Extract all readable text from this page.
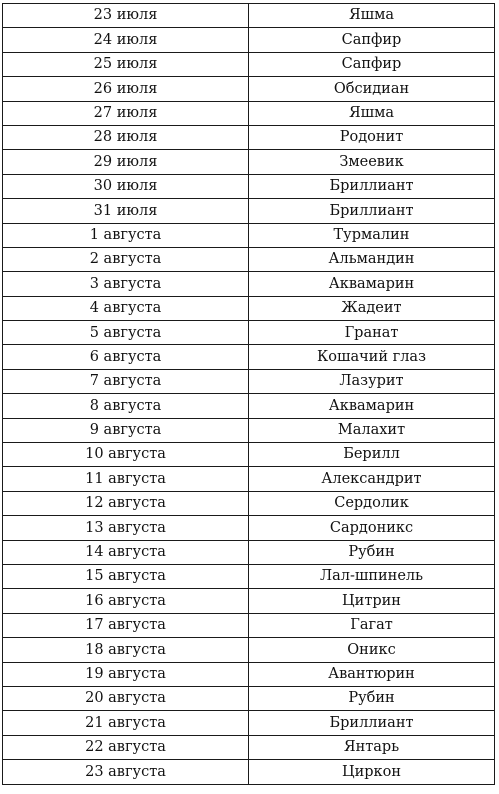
23 июля	Яшма
24 июля	Сапфир
25 июля	Сапфир
26 июля	Обсидиан
27 июля	Яшма
28 июля	Родонит
29 июля	Змеевик
30 июля	Бриллиант
31 июля	Бриллиант
1 августа	Турмалин
2 августа	Альмандин
3 августа	Аквамарин
4 августа	Жадеит
5 августа	Гранат
6 августа	Кошачий глаз
7 августа	Лазурит
8 августа	Аквамарин
9 августа	Малахит
10 августа	Берилл
11 августа	Александрит
12 августа	Сердолик
13 августа	Сардоникс
14 августа	Рубин
15 августа	Лал-шпинель
16 августа	Цитрин
17 августа	Гагат
18 августа	Оникс
19 августа	Авантюрин
20 августа	Рубин
21 августа	Бриллиант
22 августа	Янтарь
23 августа	Циркон
